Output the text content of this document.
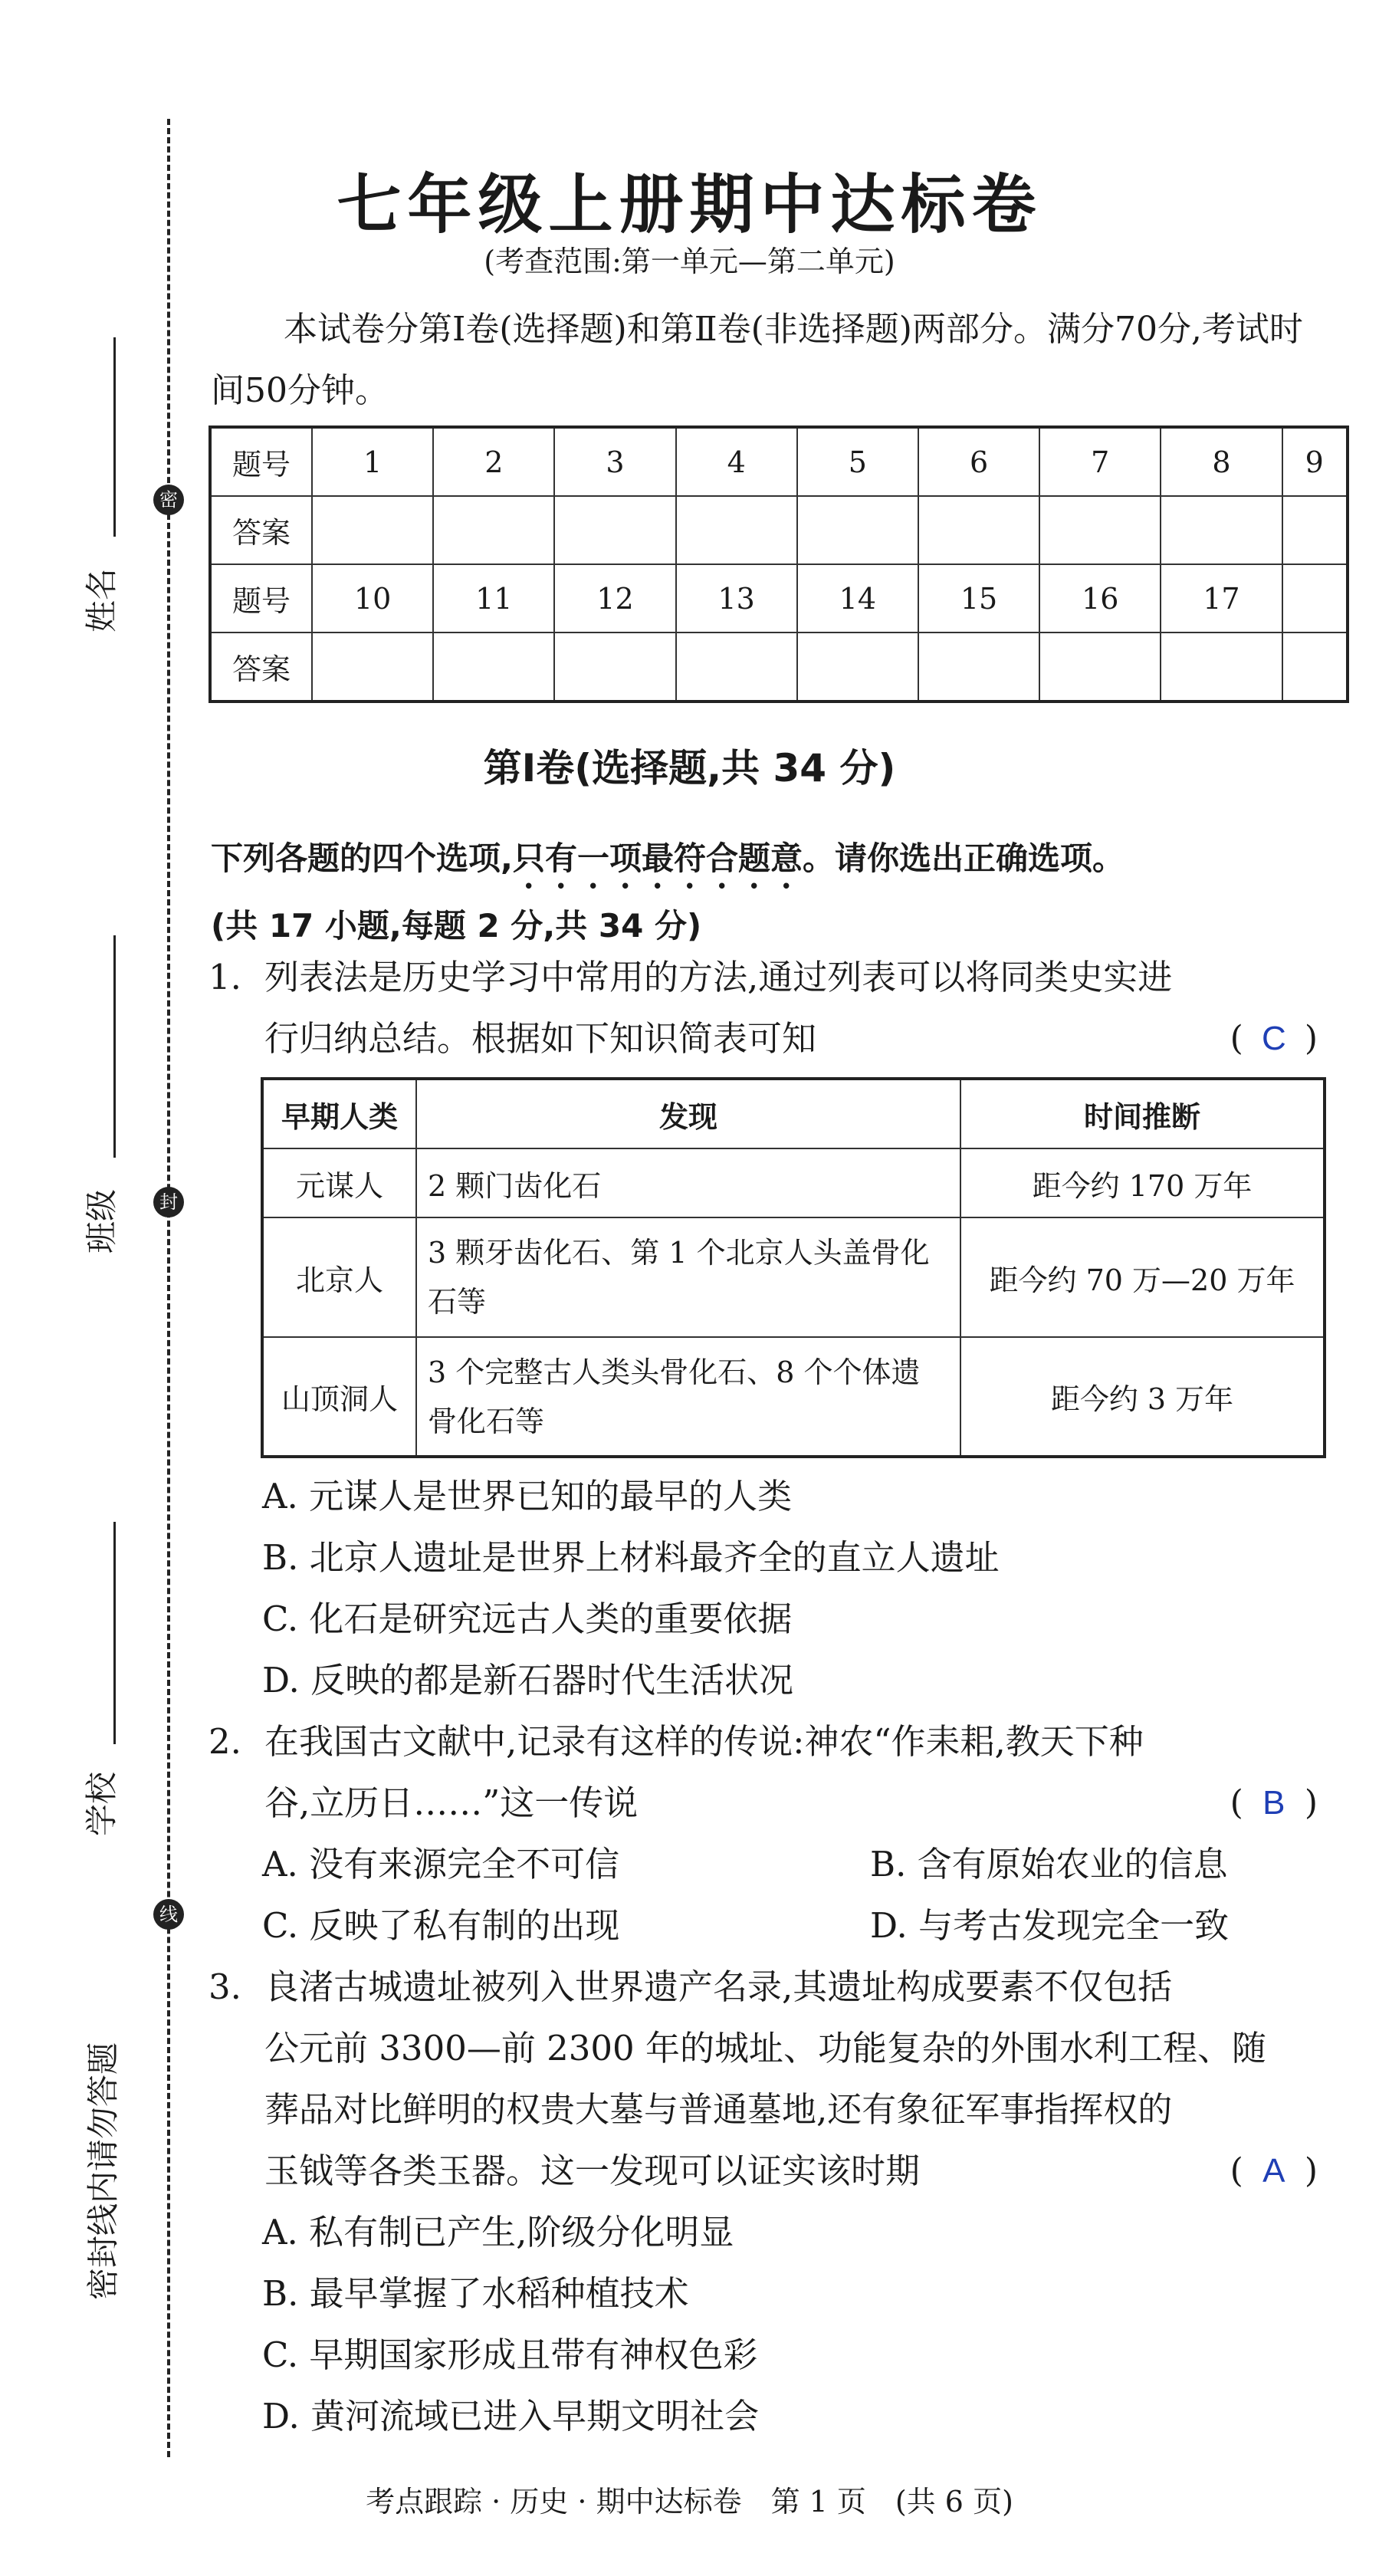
密
封
线
姓名
班级
学校
密封线内请勿答题
七年级上册期中达标卷
(考查范围:第一单元—第二单元)
本试卷分第Ⅰ卷(选择题)和第Ⅱ卷(非选择题)两部分。满分70分,考试时间50分钟。
题号	1	2	3	4	5	6	7	8	9
答案									
题号	10	11	12	13	14	15	16	17	
答案									
第Ⅰ卷(选择题,共 34 分)
下列各题的四个选项,只有一项最符合题意。请你选出正确选项。
(共 17 小题,每题 2 分,共 34 分)
1. 列表法是历史学习中常用的方法,通过列表可以将同类史实进
行归纳总结。根据如下知识简表可知	( C )
早期人类	发现	时间推断
元谋人	2 颗门齿化石	距今约 170 万年
北京人	3 颗牙齿化石、第 1 个北京人头盖骨化石等	距今约 70 万—20 万年
山顶洞人	3 个完整古人类头骨化石、8 个个体遗骨化石等	距今约 3 万年
A. 元谋人是世界已知的最早的人类
B. 北京人遗址是世界上材料最齐全的直立人遗址
C. 化石是研究远古人类的重要依据
D. 反映的都是新石器时代生活状况
2. 在我国古文献中,记录有这样的传说:神农“作耒耜,教天下种
谷,立历日……”这一传说	( B )
A. 没有来源完全不可信	B. 含有原始农业的信息
C. 反映了私有制的出现	D. 与考古发现完全一致
3. 良渚古城遗址被列入世界遗产名录,其遗址构成要素不仅包括
公元前 3300—前 2300 年的城址、功能复杂的外围水利工程、随
葬品对比鲜明的权贵大墓与普通墓地,还有象征军事指挥权的
玉钺等各类玉器。这一发现可以证实该时期	( A )
A. 私有制已产生,阶级分化明显
B. 最早掌握了水稻种植技术
C. 早期国家形成且带有神权色彩
D. 黄河流域已进入早期文明社会
考点跟踪 · 历史 · 期中达标卷　第 1 页　(共 6 页)
